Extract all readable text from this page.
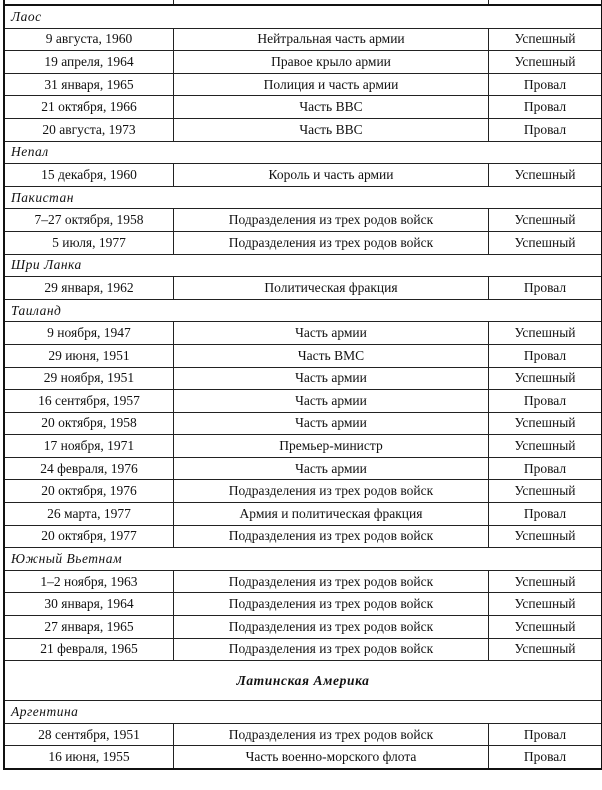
Лаос		
9 августа, 1960	Нейтральная часть армии	Успешный
19 апреля, 1964	Правое крыло армии	Успешный
31 января, 1965	Полиция и часть армии	Провал
21 октября, 1966	Часть ВВС	Провал
20 августа, 1973	Часть ВВС	Провал
Непал		
15 декабря, 1960	Король и часть армии	Успешный
Пакистан		
7–27 октября, 1958	Подразделения из трех родов войск	Успешный
5 июля, 1977	Подразделения из трех родов войск	Успешный
Шри Ланка		
29 января, 1962	Политическая фракция	Провал
Таиланд		
9 ноября, 1947	Часть армии	Успешный
29 июня, 1951	Часть ВМС	Провал
29 ноября, 1951	Часть армии	Успешный
16 сентября, 1957	Часть армии	Провал
20 октября, 1958	Часть армии	Успешный
17 ноября, 1971	Премьер-министр	Успешный
24 февраля, 1976	Часть армии	Провал
20 октября, 1976	Подразделения из трех родов войск	Успешный
26 марта, 1977	Армия и политическая фракция	Провал
20 октября, 1977	Подразделения из трех родов войск	Успешный
Южный Вьетнам		
1–2 ноября, 1963	Подразделения из трех родов войск	Успешный
30 января, 1964	Подразделения из трех родов войск	Успешный
27 января, 1965	Подразделения из трех родов войск	Успешный
21 февраля, 1965	Подразделения из трех родов войск	Успешный
Латинская Америка		
Аргентина		
28 сентября, 1951	Подразделения из трех родов войск	Провал
16 июня, 1955	Часть военно-морского флота	Провал
